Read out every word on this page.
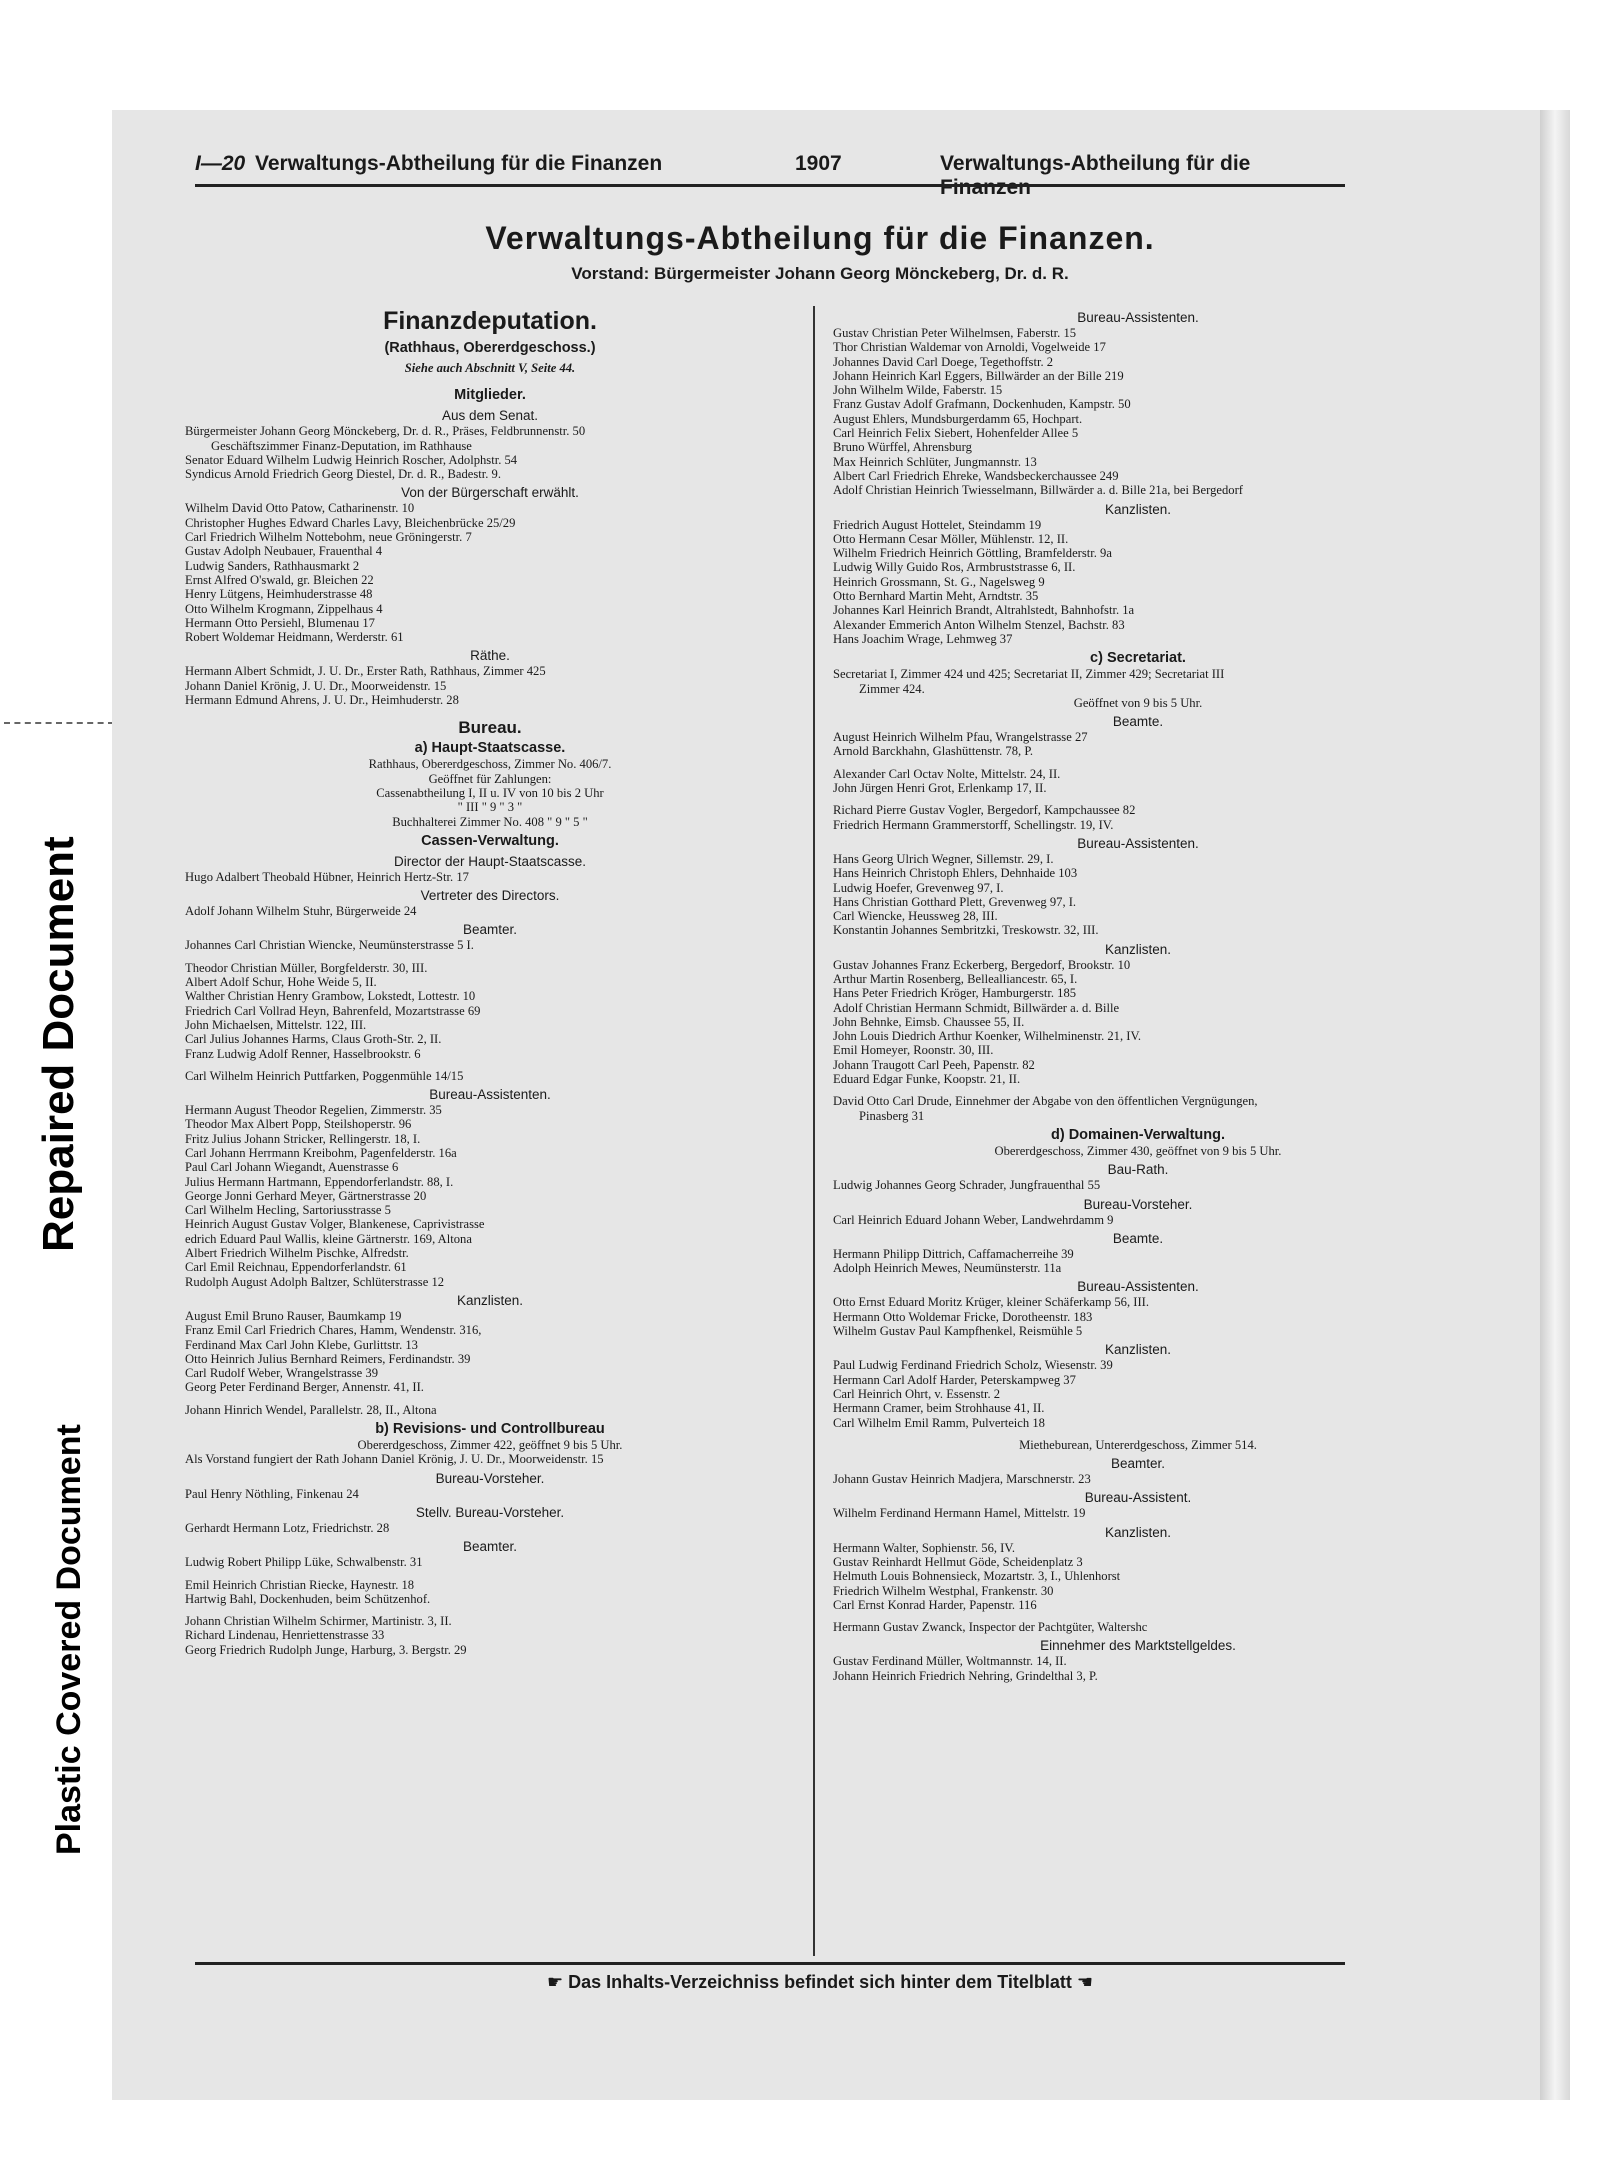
Repaired Document
Plastic Covered Document
I—20 Verwaltungs-Abtheilung für die Finanzen	1907	Verwaltungs-Abtheilung für die Finanzen
Verwaltungs-Abtheilung für die Finanzen.
Vorstand: Bürgermeister Johann Georg Mönckeberg, Dr. d. R.
Finanzdeputation.
(Rathhaus, Obererdgeschoss.)
Siehe auch Abschnitt V, Seite 44.
Mitglieder.
Aus dem Senat.
Bürgermeister Johann Georg Mönckeberg, Dr. d. R., Präses, Feldbrunnenstr. 50
Geschäftszimmer Finanz-Deputation, im Rathhause
Senator Eduard Wilhelm Ludwig Heinrich Roscher, Adolphstr. 54
Syndicus Arnold Friedrich Georg Diestel, Dr. d. R., Badestr. 9.
Von der Bürgerschaft erwählt.
Wilhelm David Otto Patow, Catharinenstr. 10
Christopher Hughes Edward Charles Lavy, Bleichenbrücke 25/29
Carl Friedrich Wilhelm Nottebohm, neue Gröningerstr. 7
Gustav Adolph Neubauer, Frauenthal 4
Ludwig Sanders, Rathhausmarkt 2
Ernst Alfred O'swald, gr. Bleichen 22
Henry Lütgens, Heimhuderstrasse 48
Otto Wilhelm Krogmann, Zippelhaus 4
Hermann Otto Persiehl, Blumenau 17
Robert Woldemar Heidmann, Werderstr. 61
Räthe.
Hermann Albert Schmidt, J. U. Dr., Erster Rath, Rathhaus, Zimmer 425
Johann Daniel Krönig, J. U. Dr., Moorweidenstr. 15
Hermann Edmund Ahrens, J. U. Dr., Heimhuderstr. 28
Bureau.
a) Haupt-Staatscasse.
Rathhaus, Obererdgeschoss, Zimmer No. 406/7.
Geöffnet für Zahlungen:
Cassenabtheilung I, II u. IV von 10 bis 2 Uhr
" III " 9 " 3 "
Buchhalterei Zimmer No. 408 " 9 " 5 "
Cassen-Verwaltung.
Director der Haupt-Staatscasse.
Hugo Adalbert Theobald Hübner, Heinrich Hertz-Str. 17
Vertreter des Directors.
Adolf Johann Wilhelm Stuhr, Bürgerweide 24
Beamter.
Johannes Carl Christian Wiencke, Neumünsterstrasse 5 I.
Theodor Christian Müller, Borgfelderstr. 30, III.
Albert Adolf Schur, Hohe Weide 5, II.
Walther Christian Henry Grambow, Lokstedt, Lottestr. 10
Friedrich Carl Vollrad Heyn, Bahrenfeld, Mozartstrasse 69
John Michaelsen, Mittelstr. 122, III.
Carl Julius Johannes Harms, Claus Groth-Str. 2, II.
Franz Ludwig Adolf Renner, Hasselbrookstr. 6
Carl Wilhelm Heinrich Puttfarken, Poggenmühle 14/15
Bureau-Assistenten.
Hermann August Theodor Regelien, Zimmerstr. 35
Theodor Max Albert Popp, Steilshoperstr. 96
Fritz Julius Johann Stricker, Rellingerstr. 18, I.
Carl Johann Herrmann Kreibohm, Pagenfelderstr. 16a
Paul Carl Johann Wiegandt, Auenstrasse 6
Julius Hermann Hartmann, Eppendorferlandstr. 88, I.
George Jonni Gerhard Meyer, Gärtnerstrasse 20
Carl Wilhelm Hecling, Sartoriusstrasse 5
Heinrich August Gustav Volger, Blankenese, Caprivistrasse
edrich Eduard Paul Wallis, kleine Gärtnerstr. 169, Altona
Albert Friedrich Wilhelm Pischke, Alfredstr.
Carl Emil Reichnau, Eppendorferlandstr. 61
Rudolph August Adolph Baltzer, Schlüterstrasse 12
Kanzlisten.
August Emil Bruno Rauser, Baumkamp 19
Franz Emil Carl Friedrich Chares, Hamm, Wendenstr. 316,
Ferdinand Max Carl John Klebe, Gurlittstr. 13
Otto Heinrich Julius Bernhard Reimers, Ferdinandstr. 39
Carl Rudolf Weber, Wrangelstrasse 39
Georg Peter Ferdinand Berger, Annenstr. 41, II.
Johann Hinrich Wendel, Parallelstr. 28, II., Altona
b) Revisions- und Controllbureau
Obererdgeschoss, Zimmer 422, geöffnet 9 bis 5 Uhr.
Als Vorstand fungiert der Rath Johann Daniel Krönig, J. U. Dr., Moorweidenstr. 15
Bureau-Vorsteher.
Paul Henry Nöthling, Finkenau 24
Stellv. Bureau-Vorsteher.
Gerhardt Hermann Lotz, Friedrichstr. 28
Beamter.
Ludwig Robert Philipp Lüke, Schwalbenstr. 31
Emil Heinrich Christian Riecke, Haynestr. 18
Hartwig Bahl, Dockenhuden, beim Schützenhof.
Johann Christian Wilhelm Schirmer, Martinistr. 3, II.
Richard Lindenau, Henriettenstrasse 33
Georg Friedrich Rudolph Junge, Harburg, 3. Bergstr. 29
Bureau-Assistenten.
Gustav Christian Peter Wilhelmsen, Faberstr. 15
Thor Christian Waldemar von Arnoldi, Vogelweide 17
Johannes David Carl Doege, Tegethoffstr. 2
Johann Heinrich Karl Eggers, Billwärder an der Bille 219
John Wilhelm Wilde, Faberstr. 15
Franz Gustav Adolf Grafmann, Dockenhuden, Kampstr. 50
August Ehlers, Mundsburgerdamm 65, Hochpart.
Carl Heinrich Felix Siebert, Hohenfelder Allee 5
Bruno Würffel, Ahrensburg
Max Heinrich Schlüter, Jungmannstr. 13
Albert Carl Friedrich Ehreke, Wandsbeckerchaussee 249
Adolf Christian Heinrich Twiesselmann, Billwärder a. d. Bille 21a, bei Bergedorf
Kanzlisten.
Friedrich August Hottelet, Steindamm 19
Otto Hermann Cesar Möller, Mühlenstr. 12, II.
Wilhelm Friedrich Heinrich Göttling, Bramfelderstr. 9a
Ludwig Willy Guido Ros, Armbruststrasse 6, II.
Heinrich Grossmann, St. G., Nagelsweg 9
Otto Bernhard Martin Meht, Arndtstr. 35
Johannes Karl Heinrich Brandt, Altrahlstedt, Bahnhofstr. 1a
Alexander Emmerich Anton Wilhelm Stenzel, Bachstr. 83
Hans Joachim Wrage, Lehmweg 37
c) Secretariat.
Secretariat I, Zimmer 424 und 425; Secretariat II, Zimmer 429; Secretariat III
Zimmer 424.
Geöffnet von 9 bis 5 Uhr.
Beamte.
August Heinrich Wilhelm Pfau, Wrangelstrasse 27
Arnold Barckhahn, Glashüttenstr. 78, P.
Alexander Carl Octav Nolte, Mittelstr. 24, II.
John Jürgen Henri Grot, Erlenkamp 17, II.
Richard Pierre Gustav Vogler, Bergedorf, Kampchaussee 82
Friedrich Hermann Grammerstorff, Schellingstr. 19, IV.
Bureau-Assistenten.
Hans Georg Ulrich Wegner, Sillemstr. 29, I.
Hans Heinrich Christoph Ehlers, Dehnhaide 103
Ludwig Hoefer, Grevenweg 97, I.
Hans Christian Gotthard Plett, Grevenweg 97, I.
Carl Wiencke, Heussweg 28, III.
Konstantin Johannes Sembritzki, Treskowstr. 32, III.
Kanzlisten.
Gustav Johannes Franz Eckerberg, Bergedorf, Brookstr. 10
Arthur Martin Rosenberg, Bellealliancestr. 65, I.
Hans Peter Friedrich Kröger, Hamburgerstr. 185
Adolf Christian Hermann Schmidt, Billwärder a. d. Bille
John Behnke, Eimsb. Chaussee 55, II.
John Louis Diedrich Arthur Koenker, Wilhelminenstr. 21, IV.
Emil Homeyer, Roonstr. 30, III.
Johann Traugott Carl Peeh, Papenstr. 82
Eduard Edgar Funke, Koopstr. 21, II.
David Otto Carl Drude, Einnehmer der Abgabe von den öffentlichen Vergnügungen,
Pinasberg 31
d) Domainen-Verwaltung.
Obererdgeschoss, Zimmer 430, geöffnet von 9 bis 5 Uhr.
Bau-Rath.
Ludwig Johannes Georg Schrader, Jungfrauenthal 55
Bureau-Vorsteher.
Carl Heinrich Eduard Johann Weber, Landwehrdamm 9
Beamte.
Hermann Philipp Dittrich, Caffamacherreihe 39
Adolph Heinrich Mewes, Neumünsterstr. 11a
Bureau-Assistenten.
Otto Ernst Eduard Moritz Krüger, kleiner Schäferkamp 56, III.
Hermann Otto Woldemar Fricke, Dorotheenstr. 183
Wilhelm Gustav Paul Kampfhenkel, Reismühle 5
Kanzlisten.
Paul Ludwig Ferdinand Friedrich Scholz, Wiesenstr. 39
Hermann Carl Adolf Harder, Peterskampweg 37
Carl Heinrich Ohrt, v. Essenstr. 2
Hermann Cramer, beim Strohhause 41, II.
Carl Wilhelm Emil Ramm, Pulverteich 18
Mietheburean, Untererdgeschoss, Zimmer 514.
Beamter.
Johann Gustav Heinrich Madjera, Marschnerstr. 23
Bureau-Assistent.
Wilhelm Ferdinand Hermann Hamel, Mittelstr. 19
Kanzlisten.
Hermann Walter, Sophienstr. 56, IV.
Gustav Reinhardt Hellmut Göde, Scheidenplatz 3
Helmuth Louis Bohnensieck, Mozartstr. 3, I., Uhlenhorst
Friedrich Wilhelm Westphal, Frankenstr. 30
Carl Ernst Konrad Harder, Papenstr. 116
Hermann Gustav Zwanck, Inspector der Pachtgüter, Waltershc
Einnehmer des Marktstellgeldes.
Gustav Ferdinand Müller, Woltmannstr. 14, II.
Johann Heinrich Friedrich Nehring, Grindelthal 3, P.
☛ Das Inhalts-Verzeichniss befindet sich hinter dem Titelblatt ☚
